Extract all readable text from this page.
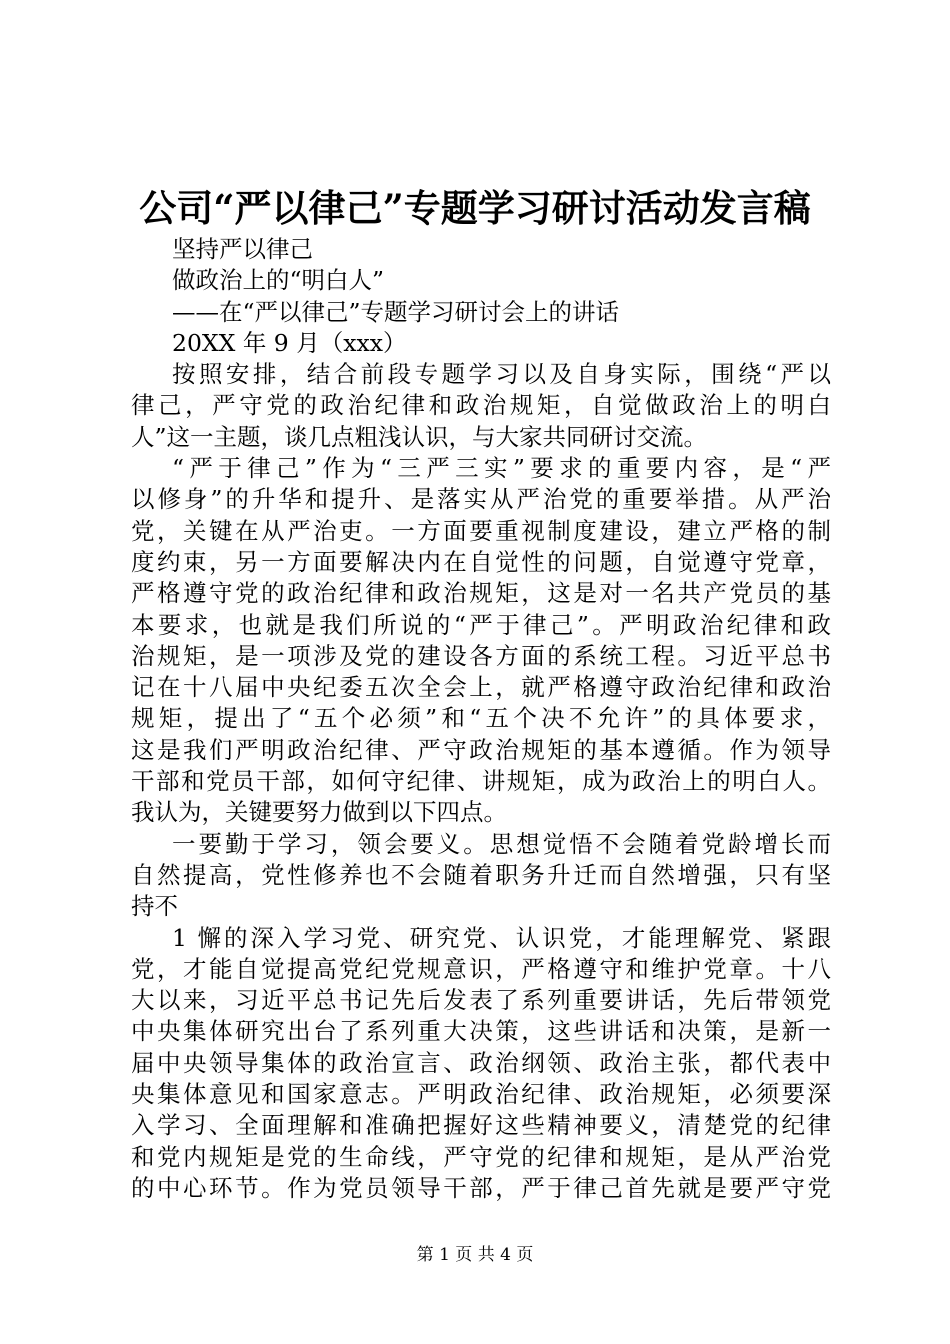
公司“严以律己”专题学习研讨活动发言稿
坚持严以律己
做政治上的“明白人”
——在“严以律己”专题学习研讨会上的讲话
20XX 年 9 月（xxx）
按照安排，结合前段专题学习以及自身实际，围绕“严以
律己，严守党的政治纪律和政治规矩，自觉做政治上的明白
人”这一主题，谈几点粗浅认识，与大家共同研讨交流。
“严于律己”作为“三严三实”要求的重要内容，是“严
以修身”的升华和提升、是落实从严治党的重要举措。从严治
党，关键在从严治吏。一方面要重视制度建设，建立严格的制
度约束，另一方面要解决内在自觉性的问题，自觉遵守党章，
严格遵守党的政治纪律和政治规矩，这是对一名共产党员的基
本要求，也就是我们所说的“严于律己”。严明政治纪律和政
治规矩，是一项涉及党的建设各方面的系统工程。习近平总书
记在十八届中央纪委五次全会上，就严格遵守政治纪律和政治
规矩，提出了“五个必须”和“五个决不允许”的具体要求，
这是我们严明政治纪律、严守政治规矩的基本遵循。作为领导
干部和党员干部，如何守纪律、讲规矩，成为政治上的明白人。
我认为，关键要努力做到以下四点。
一要勤于学习，领会要义。思想觉悟不会随着党龄增长而
自然提高，党性修养也不会随着职务升迁而自然增强，只有坚
持不
1 懈的深入学习党、研究党、认识党，才能理解党、紧跟
党，才能自觉提高党纪党规意识，严格遵守和维护党章。十八
大以来，习近平总书记先后发表了系列重要讲话，先后带领党
中央集体研究出台了系列重大决策，这些讲话和决策，是新一
届中央领导集体的政治宣言、政治纲领、政治主张，都代表中
央集体意见和国家意志。严明政治纪律、政治规矩，必须要深
入学习、全面理解和准确把握好这些精神要义，清楚党的纪律
和党内规矩是党的生命线，严守党的纪律和规矩，是从严治党
的中心环节。作为党员领导干部，严于律己首先就是要严守党
第 1 页 共 4 页
